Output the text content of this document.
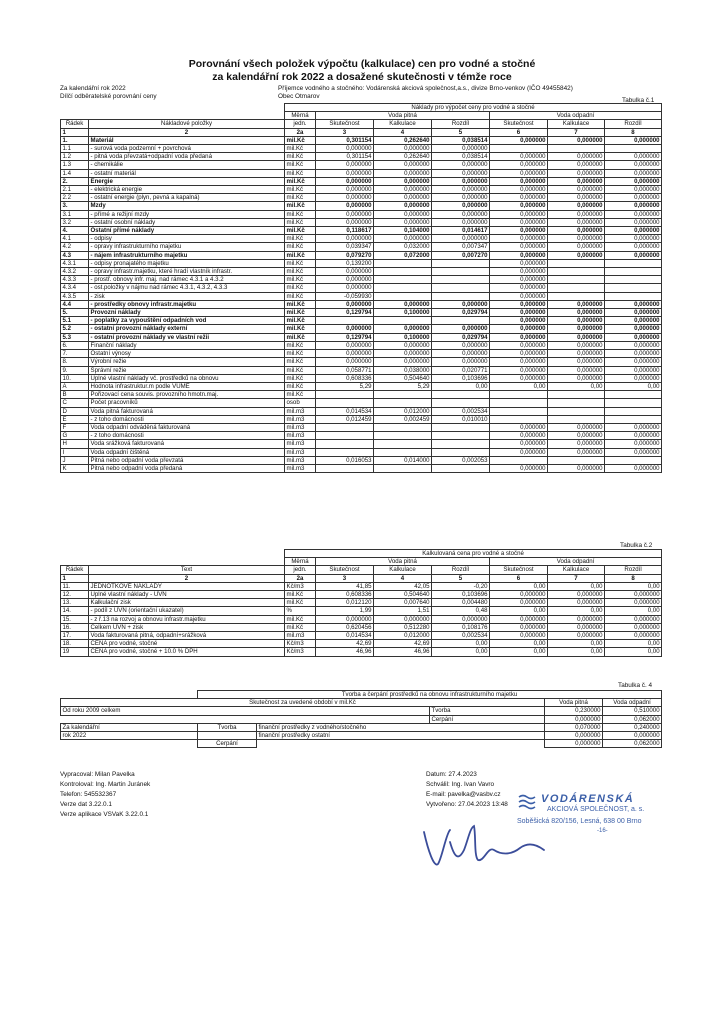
Porovnání všech položek výpočtu (kalkulace) cen pro vodné a stočné
za kalendářní rok 2022 a dosažené skutečnosti v témže roce
Za kalendářní rok 2022
Dílčí odběratelské porovnání ceny
Příjemce vodného a stočného: Vodárenská akciová společnost,a.s., divize Brno-venkov (IČO 49455842)
Obec Otmarov
Tabulka č.1
		Náklady pro výpočet ceny pro vodné a stočné						
		Měrná	Voda pitná			Voda odpadní		
Řádek	Nákladové položky	jedn.	Skutečnost	Kalkulace	Rozdíl	Skutečnost	Kalkulace	Rozdíl
1	2	2a	3	4	5	6	7	8
1.	Materiál	mil.Kč	0,301154	0,262640	0,038514	0,000000	0,000000	0,000000
1.1	- surová voda podzemní + povrchová	mil.Kč	0,000000	0,000000	0,000000			
1.2	- pitná voda převzatá+odpadní voda předaná	mil.Kč	0,301154	0,262640	0,038514	0,000000	0,000000	0,000000
1.3	- chemikálie	mil.Kč	0,000000	0,000000	0,000000	0,000000	0,000000	0,000000
1.4	- ostatní materiál	mil.Kč	0,000000	0,000000	0,000000	0,000000	0,000000	0,000000
2.	Energie	mil.Kč	0,000000	0,000000	0,000000	0,000000	0,000000	0,000000
2.1	- elektrická energie	mil.Kč	0,000000	0,000000	0,000000	0,000000	0,000000	0,000000
2.2	- ostatní energie (plyn, pevná a kapalná)	mil.Kč	0,000000	0,000000	0,000000	0,000000	0,000000	0,000000
3.	Mzdy	mil.Kč	0,000000	0,000000	0,000000	0,000000	0,000000	0,000000
3.1	- přímé a režijní mzdy	mil.Kč	0,000000	0,000000	0,000000	0,000000	0,000000	0,000000
3.2	- ostatní osobní náklady	mil.Kč	0,000000	0,000000	0,000000	0,000000	0,000000	0,000000
4.	Ostatní přímé náklady	mil.Kč	0,118617	0,104000	0,014617	0,000000	0,000000	0,000000
4.1	- odpisy	mil.Kč	0,000000	0,000000	0,000000	0,000000	0,000000	0,000000
4.2	- opravy infrastrukturního majetku	mil.Kč	0,039347	0,032000	0,007347	0,000000	0,000000	0,000000
4.3	- nájem infrastrukturního majetku	mil.Kč	0,079270	0,072000	0,007270	0,000000	0,000000	0,000000
4.3.1	- odpisy pronajatého majetku	mil.Kč	0,139200			0,000000		
4.3.2	- opravy infrastr.majetku, které hradí vlastník infrastr.	mil.Kč	0,000000			0,000000		
4.3.3	- prostř. obnovy infr. maj. nad rámec 4.3.1 a 4.3.2	mil.Kč	0,000000			0,000000		
4.3.4	- ost.položky v nájmu nad rámec 4.3.1, 4.3.2, 4.3.3	mil.Kč	0,000000			0,000000		
4.3.5	- zisk	mil.Kč	-0,059930			0,000000		
4.4	- prostředky obnovy infrastr.majetku	mil.Kč	0,000000	0,000000	0,000000	0,000000	0,000000	0,000000
5.	Provozní náklady	mil.Kč	0,129794	0,100000	0,029794	0,000000	0,000000	0,000000
5.1	- poplatky za vypouštění odpadních vod	mil.Kč				0,000000	0,000000	0,000000
5.2	- ostatní provozní náklady externí	mil.Kč	0,000000	0,000000	0,000000	0,000000	0,000000	0,000000
5.3	- ostatní provozní náklady ve vlastní režii	mil.Kč	0,129794	0,100000	0,029794	0,000000	0,000000	0,000000
6.	Finanční náklady	mil.Kč	0,000000	0,000000	0,000000	0,000000	0,000000	0,000000
7.	Ostatní výnosy	mil.Kč	0,000000	0,000000	0,000000	0,000000	0,000000	0,000000
8.	Výrobní režie	mil.Kč	0,000000	0,000000	0,000000	0,000000	0,000000	0,000000
9.	Správní režie	mil.Kč	0,058771	0,038000	0,020771	0,000000	0,000000	0,000000
10.	Úplné vlastní náklady vč. prostředků na obnovu	mil.Kč	0,608336	0,504640	0,103696	0,000000	0,000000	0,000000
A	Hodnota infrastruktur.m podle VÚME	mil.Kč	5,29	5,29	0,00	0,00	0,00	0,00
B	Pořizovací cena souvis. provozního hmotn.maj.	mil.Kč						
C	Počet pracovníků	osob						
D	Voda pitná fakturovaná	mil.m3	0,014534	0,012000	0,002534			
E	- z toho domácnosti	mil.m3	0,012459	0,002459	0,010010			
F	Voda odpadní odváděná fakturovaná	mil.m3				0,000000	0,000000	0,000000
G	- z toho domácnosti	mil.m3				0,000000	0,000000	0,000000
H	Voda srážková fakturovaná	mil.m3				0,000000	0,000000	0,000000
I	Voda odpadní čištěná	mil.m3				0,000000	0,000000	0,000000
J	Pitná nebo odpadní voda převzatá	mil.m3	0,016053	0,014000	0,002053			
K	Pitná nebo odpadní voda předaná	mil.m3				0,000000	0,000000	0,000000
Tabulka č.2
		Kalkulovaná cena pro vodné a stočné						
		Měrná	Voda pitná			Voda odpadní		
Řádek	Text	jedn.	Skutečnost	Kalkulace	Rozdíl	Skutečnost	Kalkulace	Rozdíl
1	2	2a	3	4	5	6	7	8
11.	JEDNOTKOVÉ NÁKLADY	Kč/m3	41,85	42,05	-0,20	0,00	0,00	0,00
12.	Úplné vlastní náklady - ÚVN	mil.Kč	0,608336	0,504640	0,103696	0,000000	0,000000	0,000000
13.	Kalkulační zisk	mil.Kč	0,012120	0,007640	0,004480	0,000000	0,000000	0,000000
14.	- podíl z ÚVN (orientační ukazatel)	%	1,99	1,51	0,48	0,00	0,00	0,00
15.	- z ř.13 na rozvoj a obnovu infrastr.majetku	mil.Kč	0,000000	0,000000	0,000000	0,000000	0,000000	0,000000
16.	Celkem ÚVN + zisk	mil.Kč	0,620456	0,512280	0,108176	0,000000	0,000000	0,000000
17.	Voda fakturovaná pitná, odpadní+srážková	mil.m3	0,014534	0,012000	0,002534	0,000000	0,000000	0,000000
18.	CENA pro vodné, stočné	Kč/m3	42,69	42,69	0,00	0,00	0,00	0,00
19	CENA pro vodné, stočné + 10.0 % DPH	Kč/m3	46,96	46,96	0,00	0,00	0,00	0,00
Tabulka č. 4
	Tvorba a čerpání prostředků na obnovu infrastrukturního majetku				
Skutečnost za uvedené období v mil.Kč				Voda pitná	Voda odpadní
Od roku 2009 celkem			Tvorba	0,230000	0,510000
			Čerpání	0,000000	0,062000
Za kalendářní	Tvorba	finanční prostředky z vodného/stočného		0,070000	0,240000
rok 2022		finanční prostředky ostatní		0,000000	0,000000
	Čerpání			0,000000	0,062000
Vypracoval: Milan Pavelka
Kontroloval: Ing. Martin Juránek
Telefon: 545532367
Verze dat 3.22.0.1
Verze aplikace VSVaK 3.22.0.1
Datum: 27.4.2023
Schválil: Ing. Ivan Vavro
E-mail: pavelka@vasbv.cz
Vytvořeno: 27.04.2023 13:48	VODÁRENSKÁ
AKCIOVÁ SPOLEČNOST, a. s.
Soběšická 820/156, Lesná, 638 00 Brno
-16-
